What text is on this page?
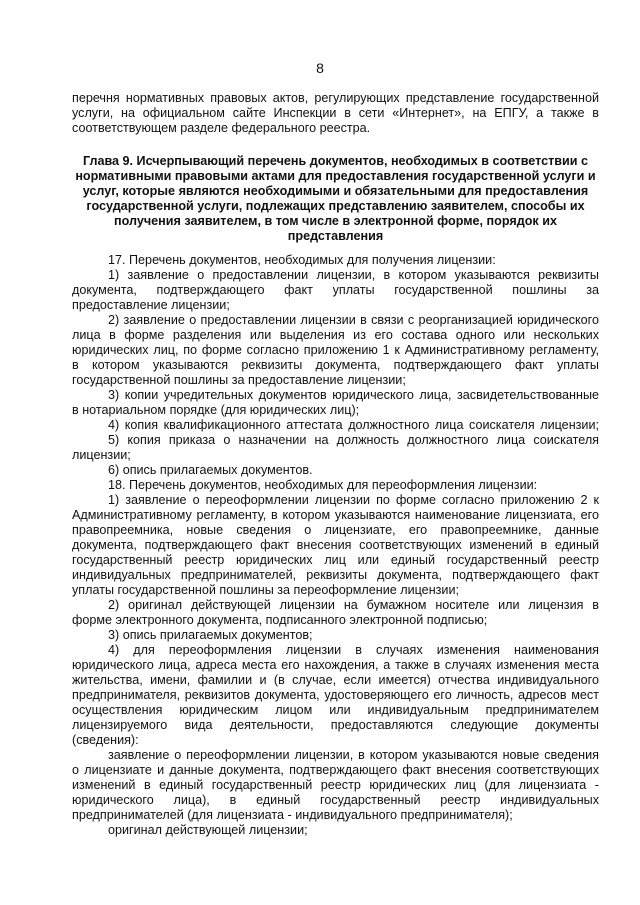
8
перечня нормативных правовых актов, регулирующих представление государственной
услуги, на официальном сайте Инспекции в сети «Интернет», на ЕПГУ, а также в
соответствующем разделе федерального реестра.
Глава 9. Исчерпывающий перечень документов, необходимых в соответствии с
нормативными правовыми актами для предоставления государственной услуги и
услуг, которые являются необходимыми и обязательными для предоставления
государственной услуги, подлежащих представлению заявителем, способы их
получения заявителем, в том числе в электронной форме, порядок их
представления
17. Перечень документов, необходимых для получения лицензии:
1) заявление о предоставлении лицензии, в котором указываются реквизиты
документа, подтверждающего факт уплаты государственной пошлины за
предоставление лицензии;
2) заявление о предоставлении лицензии в связи с реорганизацией юридического
лица в форме разделения или выделения из его состава одного или нескольких
юридических лиц, по форме согласно приложению 1 к Административному регламенту,
в котором указываются реквизиты документа, подтверждающего факт уплаты
государственной пошлины за предоставление лицензии;
3) копии учредительных документов юридического лица, засвидетельствованные
в нотариальном порядке (для юридических лиц);
4) копия квалификационного аттестата должностного лица соискателя лицензии;
5) копия приказа о назначении на должность должностного лица соискателя
лицензии;
6) опись прилагаемых документов.
18. Перечень документов, необходимых для переоформления лицензии:
1) заявление о переоформлении лицензии по форме согласно приложению 2 к
Административному регламенту, в котором указываются наименование лицензиата, его
правопреемника, новые сведения о лицензиате, его правопреемнике, данные
документа, подтверждающего факт внесения соответствующих изменений в единый
государственный реестр юридических лиц или единый государственный реестр
индивидуальных предпринимателей, реквизиты документа, подтверждающего факт
уплаты государственной пошлины за переоформление лицензии;
2) оригинал действующей лицензии на бумажном носителе или лицензия в
форме электронного документа, подписанного электронной подписью;
3) опись прилагаемых документов;
4) для переоформления лицензии в случаях изменения наименования
юридического лица, адреса места его нахождения, а также в случаях изменения места
жительства, имени, фамилии и (в случае, если имеется) отчества индивидуального
предпринимателя, реквизитов документа, удостоверяющего его личность, адресов мест
осуществления юридическим лицом или индивидуальным предпринимателем
лицензируемого вида деятельности, предоставляются следующие документы
(сведения):
заявление о переоформлении лицензии, в котором указываются новые сведения
о лицензиате и данные документа, подтверждающего факт внесения соответствующих
изменений в единый государственный реестр юридических лиц (для лицензиата -
юридического лица), в единый государственный реестр индивидуальных
предпринимателей (для лицензиата - индивидуального предпринимателя);
оригинал действующей лицензии;
